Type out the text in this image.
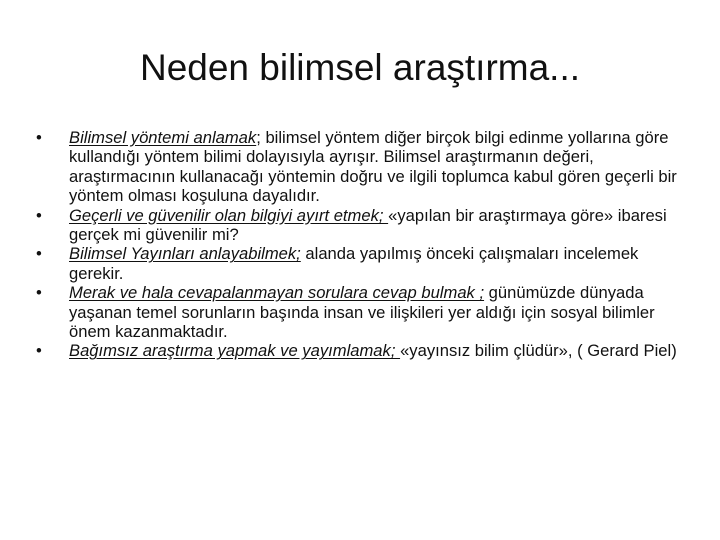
Neden bilimsel araştırma...
•	Bilimsel yöntemi anlamak; bilimsel yöntem diğer birçok bilgi edinme yollarına göre kullandığı yöntem bilimi dolayısıyla ayrışır. Bilimsel araştırmanın değeri, araştırmacının kullanacağı yöntemin doğru ve ilgili toplumca kabul gören geçerli bir yöntem olması koşuluna dayalıdır.
•	Geçerli ve güvenilir olan bilgiyi ayırt etmek; «yapılan bir araştırmaya göre» ibaresi gerçek mi güvenilir mi?
•	Bilimsel Yayınları anlayabilmek; alanda yapılmış önceki çalışmaları incelemek gerekir.
•	Merak ve hala cevapalanmayan sorulara cevap bulmak ; günümüzde dünyada yaşanan temel sorunların başında insan ve ilişkileri yer aldığı için sosyal bilimler önem kazanmaktadır.
•	Bağımsız araştırma yapmak ve yayımlamak; «yayınsız bilim çlüdür», ( Gerard Piel)
